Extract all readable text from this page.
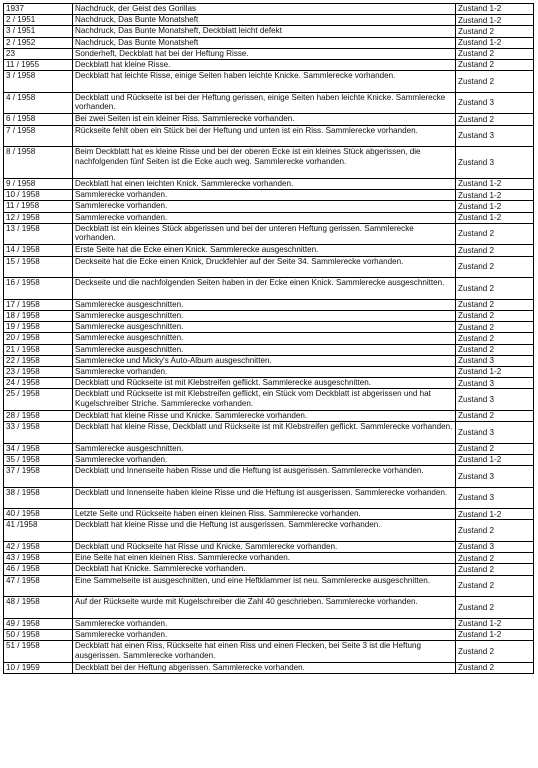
1937	Nachdruck, der Geist des Gorillas	Zustand 1-2
2 / 1951	Nachdruck, Das Bunte Monatsheft	Zustand 1-2
3 / 1951	Nachdruck, Das Bunte Monatsheft, Deckblatt leicht defekt	Zustand 2
2 / 1952	Nachdruck, Das Bunte Monatsheft	Zustand 1-2
23	Sonderheft, Deckblatt hat bei der Heftung Risse.	Zustand 2
11 / 1955	Deckblatt hat kleine Risse.	Zustand 2
3 / 1958	Deckblatt hat leichte Risse, einige Seiten haben leichte Knicke. Sammlerecke vorhanden.	Zustand 2
4 / 1958	Deckblatt und Rückseite ist bei der Heftung gerissen, einige Seiten haben leichte Knicke. Sammlerecke vorhanden.	Zustand 3
6 / 1958	Bei zwei Seiten ist ein kleiner Riss. Sammlerecke vorhanden.	Zustand 2
7 / 1958	Rückseite fehlt oben ein Stück bei der Heftung und unten ist ein Riss. Sammlerecke vorhanden.	Zustand 3
8 / 1958	Beim Deckblatt hat es kleine Risse und bei der oberen Ecke ist ein kleines Stück abgerissen, die nachfolgenden fünf Seiten ist die Ecke auch weg. Sammlerecke vorhanden.	Zustand 3
9 / 1958	Deckblatt hat einen leichten Knick. Sammlerecke vorhanden.	Zustand 1-2
10 / 1958	Sammlerecke vorhanden.	Zustand 1-2
11 / 1958	Sammlerecke vorhanden.	Zustand 1-2
12 / 1958	Sammlerecke vorhanden.	Zustand 1-2
13 / 1958	Deckblatt ist ein kleines Stück abgerissen und bei der unteren Heftung gerissen. Sammlerecke vorhanden.	Zustand 2
14 / 1958	Erste Seite hat die Ecke einen Knick. Sammlerecke ausgeschnitten.	Zustand 2
15 / 1958	Deckseite hat die Ecke einen Knick, Druckfehler auf der Seite 34. Sammlerecke vorhanden.	Zustand 2
16 / 1958	Deckseite und die nachfolgenden Seiten haben in der Ecke einen Knick. Sammlerecke ausgeschnitten.	Zustand 2
17 / 1958	Sammlerecke ausgeschnitten.	Zustand 2
18 / 1958	Sammlerecke ausgeschnitten.	Zustand 2
19 / 1958	Sammlerecke ausgeschnitten.	Zustand 2
20 / 1958	Sammlerecke ausgeschnitten.	Zustand 2
21 / 1958	Sammlerecke ausgeschnitten.	Zustand 2
22 / 1958	Sammlerecke und Micky's Auto-Album ausgeschnitten.	Zustand 3
23 / 1958	Sammlerecke vorhanden.	Zustand 1-2
24 / 1958	Deckblatt und Rückseite ist mit Klebstreifen geflickt. Sammlerecke ausgeschnitten.	Zustand 3
25 / 1958	Deckblatt und Rückseite ist mit Klebstreifen geflickt, ein Stück vom Deckblatt ist abgerissen und hat Kugelschreiber Striche. Sammlerecke vorhanden.	Zustand 3
28 / 1958	Deckblatt hat kleine Risse und Knicke. Sammlerecke vorhanden.	Zustand 2
33 / 1958	Deckblatt hat kleine Risse, Deckblatt und Rückseite ist mit Klebstreifen geflickt. Sammlerecke vorhanden.	Zustand 3
34 / 1958	Sammlerecke ausgeschnitten.	Zustand 2
35 / 1958	Sammlerecke vorhanden.	Zustand 1-2
37 / 1958	Deckblatt und Innenseite haben Risse und die Heftung ist ausgerissen. Sammlerecke vorhanden.	Zustand 3
38 / 1958	Deckblatt und Innenseite haben kleine Risse und die Heftung ist ausgerissen. Sammlerecke vorhanden.	Zustand 3
40 / 1958	Letzte Seite und Rückseite haben einen kleinen Riss. Sammlerecke vorhanden.	Zustand 1-2
41 /1958	Deckblatt hat kleine Risse und die Heftung ist ausgerissen. Sammlerecke vorhanden.	Zustand 2
42 / 1958	Deckblatt und Rückseite hat Risse und Knicke. Sammlerecke vorhanden.	Zustand 3
43 / 1958	Eine Seite hat einen kleinen Riss. Sammlerecke vorhanden.	Zustand 2
46 / 1958	Deckblatt hat Knicke. Sammlerecke vorhanden.	Zustand 2
47 / 1958	Eine Sammelseite ist ausgeschnitten, und eine Heftklammer ist neu. Sammlerecke ausgeschnitten.	Zustand 2
48 / 1958	Auf der Rückseite wurde mit Kugelschreiber die Zahl 40 geschrieben. Sammlerecke vorhanden.	Zustand 2
49 / 1958	Sammlerecke vorhanden.	Zustand 1-2
50 / 1958	Sammlerecke vorhanden.	Zustand 1-2
51 / 1958	Deckblatt hat einen Riss, Rückseite hat einen Riss und einen Flecken, bei Seite 3 ist die Heftung ausgerissen. Sammlerecke vorhanden.	Zustand 2
10 / 1959	Deckblatt bei der Heftung abgerissen. Sammlerecke vorhanden.	Zustand 2
